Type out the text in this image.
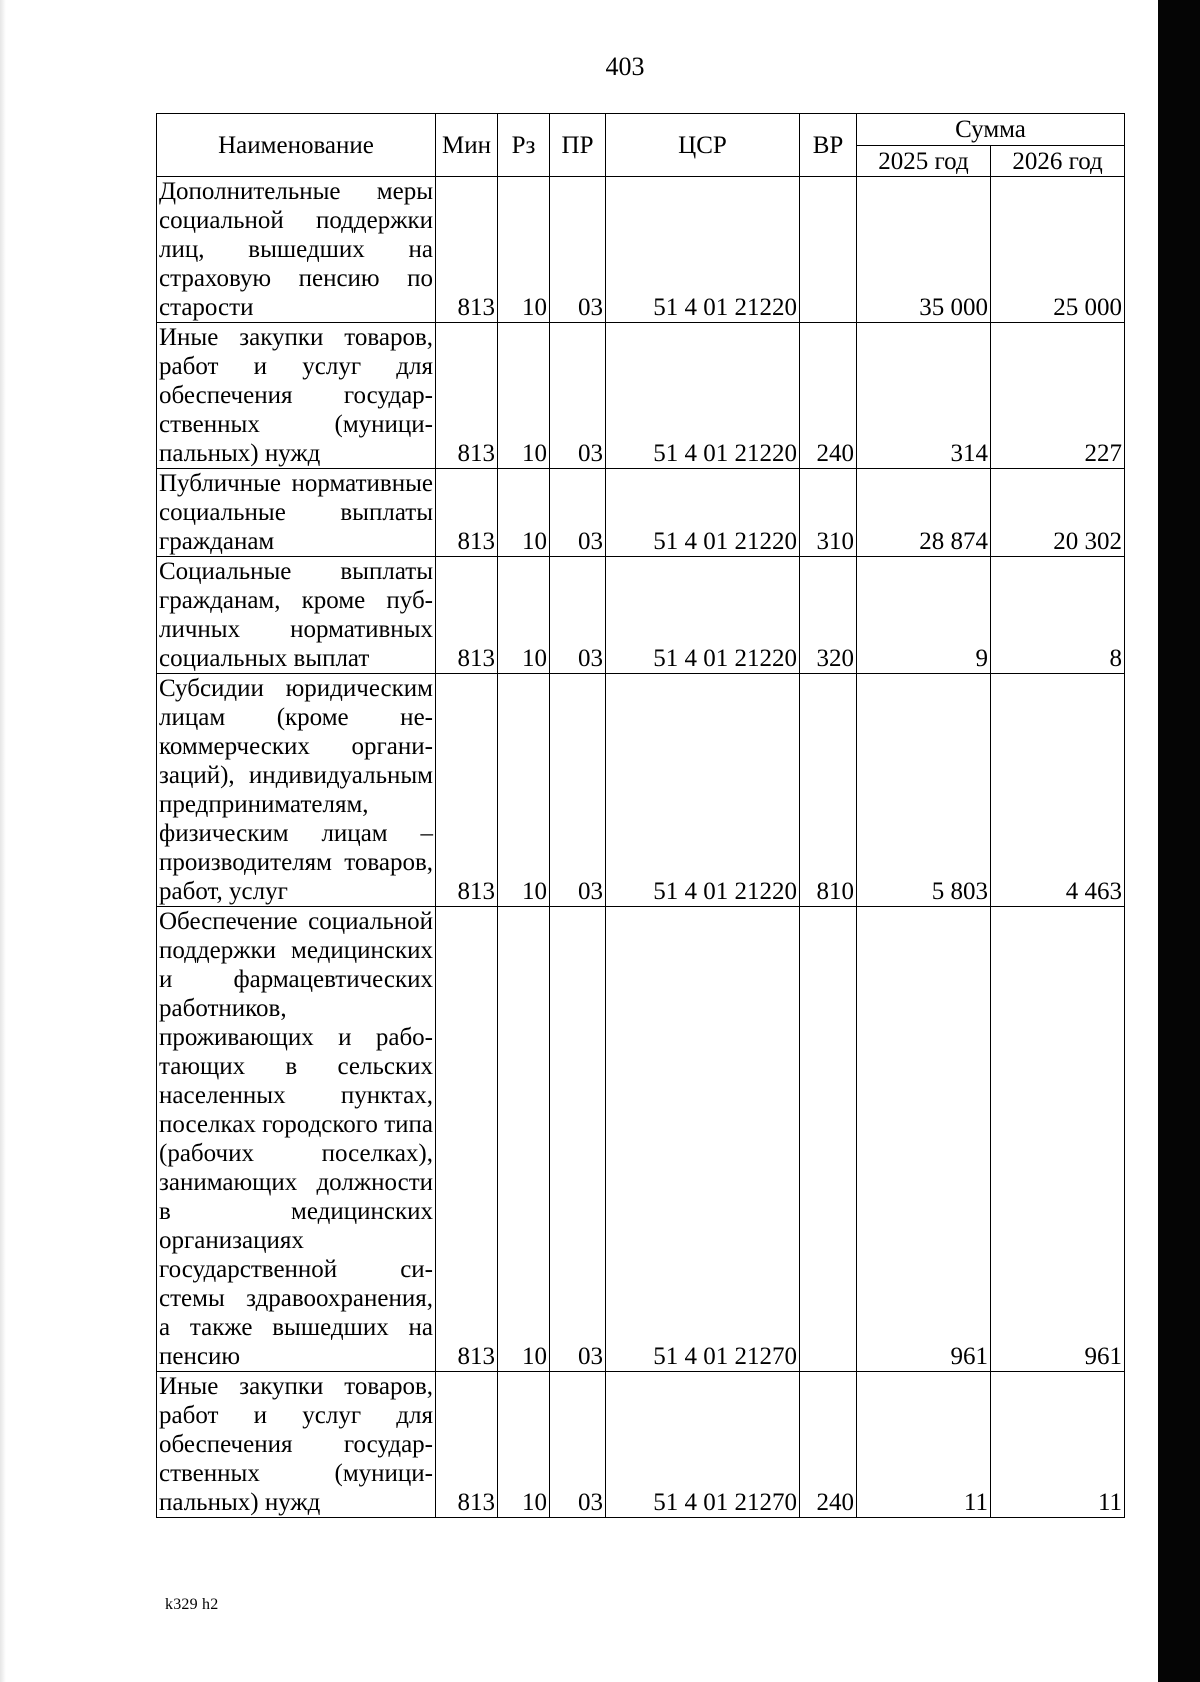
403
Наименование	Мин	Рз	ПР	ЦСР	ВР	Сумма	
						2025 год	2026 год
Дополнительные меры социальной поддержки лиц, вышедших на страховую пенсию по старости	813	10	03	51 4 01 21220		35 000	25 000
Иные закупки товаров, работ и услуг для обеспечения государственных (муниципальных) нужд	813	10	03	51 4 01 21220	240	314	227
Публичные нормативные социальные выплаты гражданам	813	10	03	51 4 01 21220	310	28 874	20 302
Социальные выплаты гражданам, кроме публичных нормативных социальных выплат	813	10	03	51 4 01 21220	320	9	8
Субсидии юридическим лицам (кроме некоммерческих организаций), индивидуальным предпринимателям, физическим лицам – производителям товаров, работ, услуг	813	10	03	51 4 01 21220	810	5 803	4 463
Обеспечение социальной поддержки медицинских и фармацевтических работников, проживающих и работающих в сельских населенных пунктах, поселках городского типа (рабочих поселках), занимающих должности в медицинских организациях государственной системы здравоохранения, а также вышедших на пенсию	813	10	03	51 4 01 21270		961	961
Иные закупки товаров, работ и услуг для обеспечения государственных (муниципальных) нужд	813	10	03	51 4 01 21270	240	11	11
k329 h2
